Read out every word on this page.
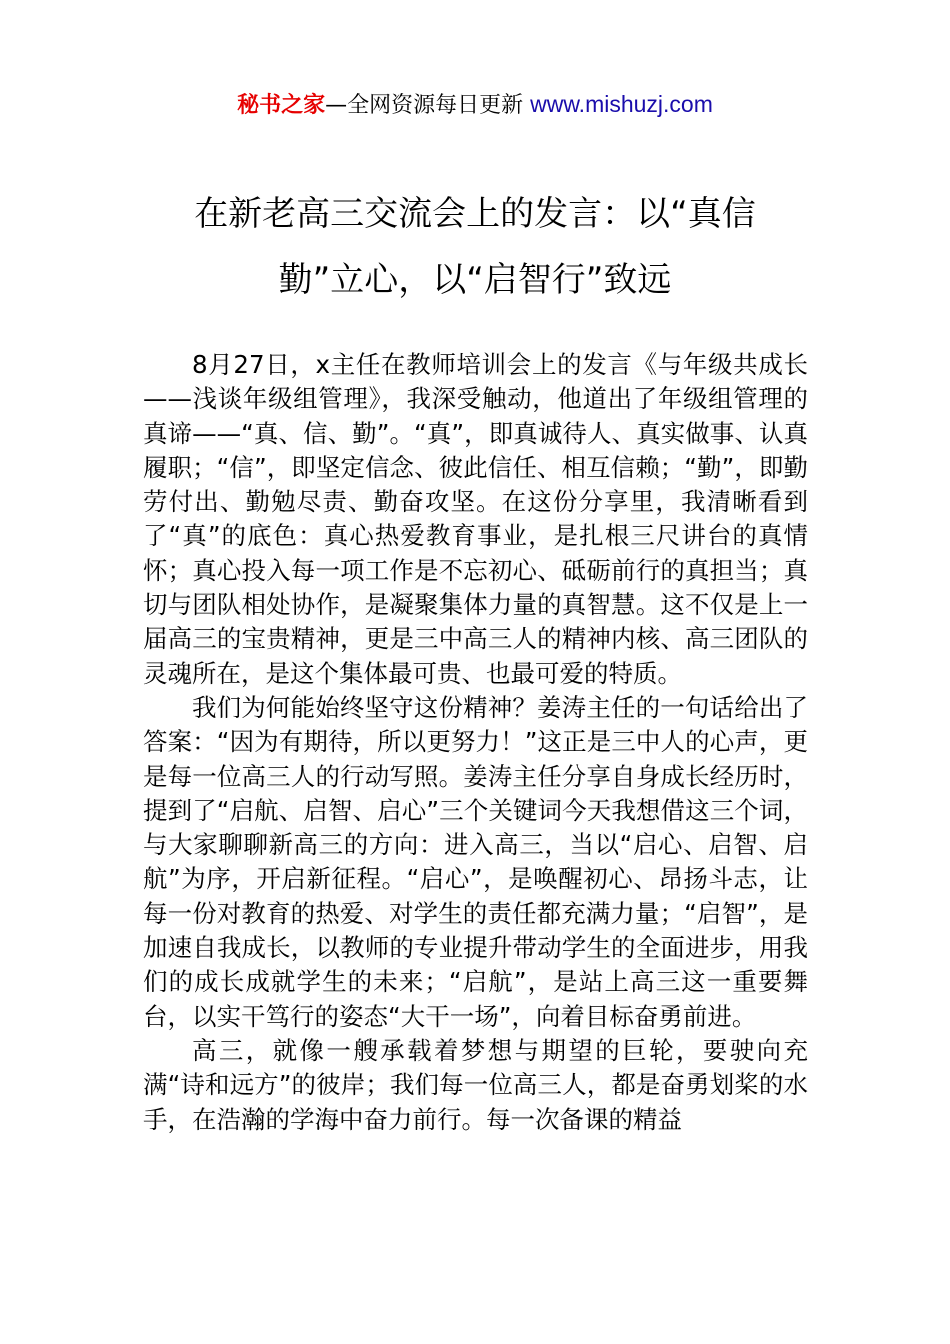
秘书之家—全网资源每日更新 www.mishuzj.com
在新老高三交流会上的发言：以“真信
勤”立心，以“启智行”致远

8月27日，x主任在教师培训会上的发言《与年级共成长——浅谈年级组管理》，我深受触动，他道出了年级组管理的真谛——“真、信、勤”。“真”，即真诚待人、真实做事、认真履职；“信”，即坚定信念、彼此信任、相互信赖；“勤”，即勤劳付出、勤勉尽责、勤奋攻坚。在这份分享里，我清晰看到了“真”的底色：真心热爱教育事业，是扎根三尺讲台的真情怀；真心投入每一项工作是不忘初心、砥砺前行的真担当；真切与团队相处协作，是凝聚集体力量的真智慧。这不仅是上一届高三的宝贵精神，更是三中高三人的精神内核、高三团队的灵魂所在，是这个集体最可贵、也最可爱的特质。

我们为何能始终坚守这份精神？姜涛主任的一句话给出了答案：“因为有期待，所以更努力！”这正是三中人的心声，更是每一位高三人的行动写照。姜涛主任分享自身成长经历时，提到了“启航、启智、启心”三个关键词今天我想借这三个词，与大家聊聊新高三的方向：进入高三，当以“启心、启智、启航”为序，开启新征程。“启心”，是唤醒初心、昂扬斗志，让每一份对教育的热爱、对学生的责任都充满力量；“启智”，是加速自我成长，以教师的专业提升带动学生的全面进步，用我们的成长成就学生的未来；“启航”，是站上高三这一重要舞台，以实干笃行的姿态“大干一场”，向着目标奋勇前进。

高三，就像一艘承载着梦想与期望的巨轮，要驶向充满“诗和远方”的彼岸；我们每一位高三人，都是奋勇划桨的水手，在浩瀚的学海中奋力前行。每一次备课的精益
